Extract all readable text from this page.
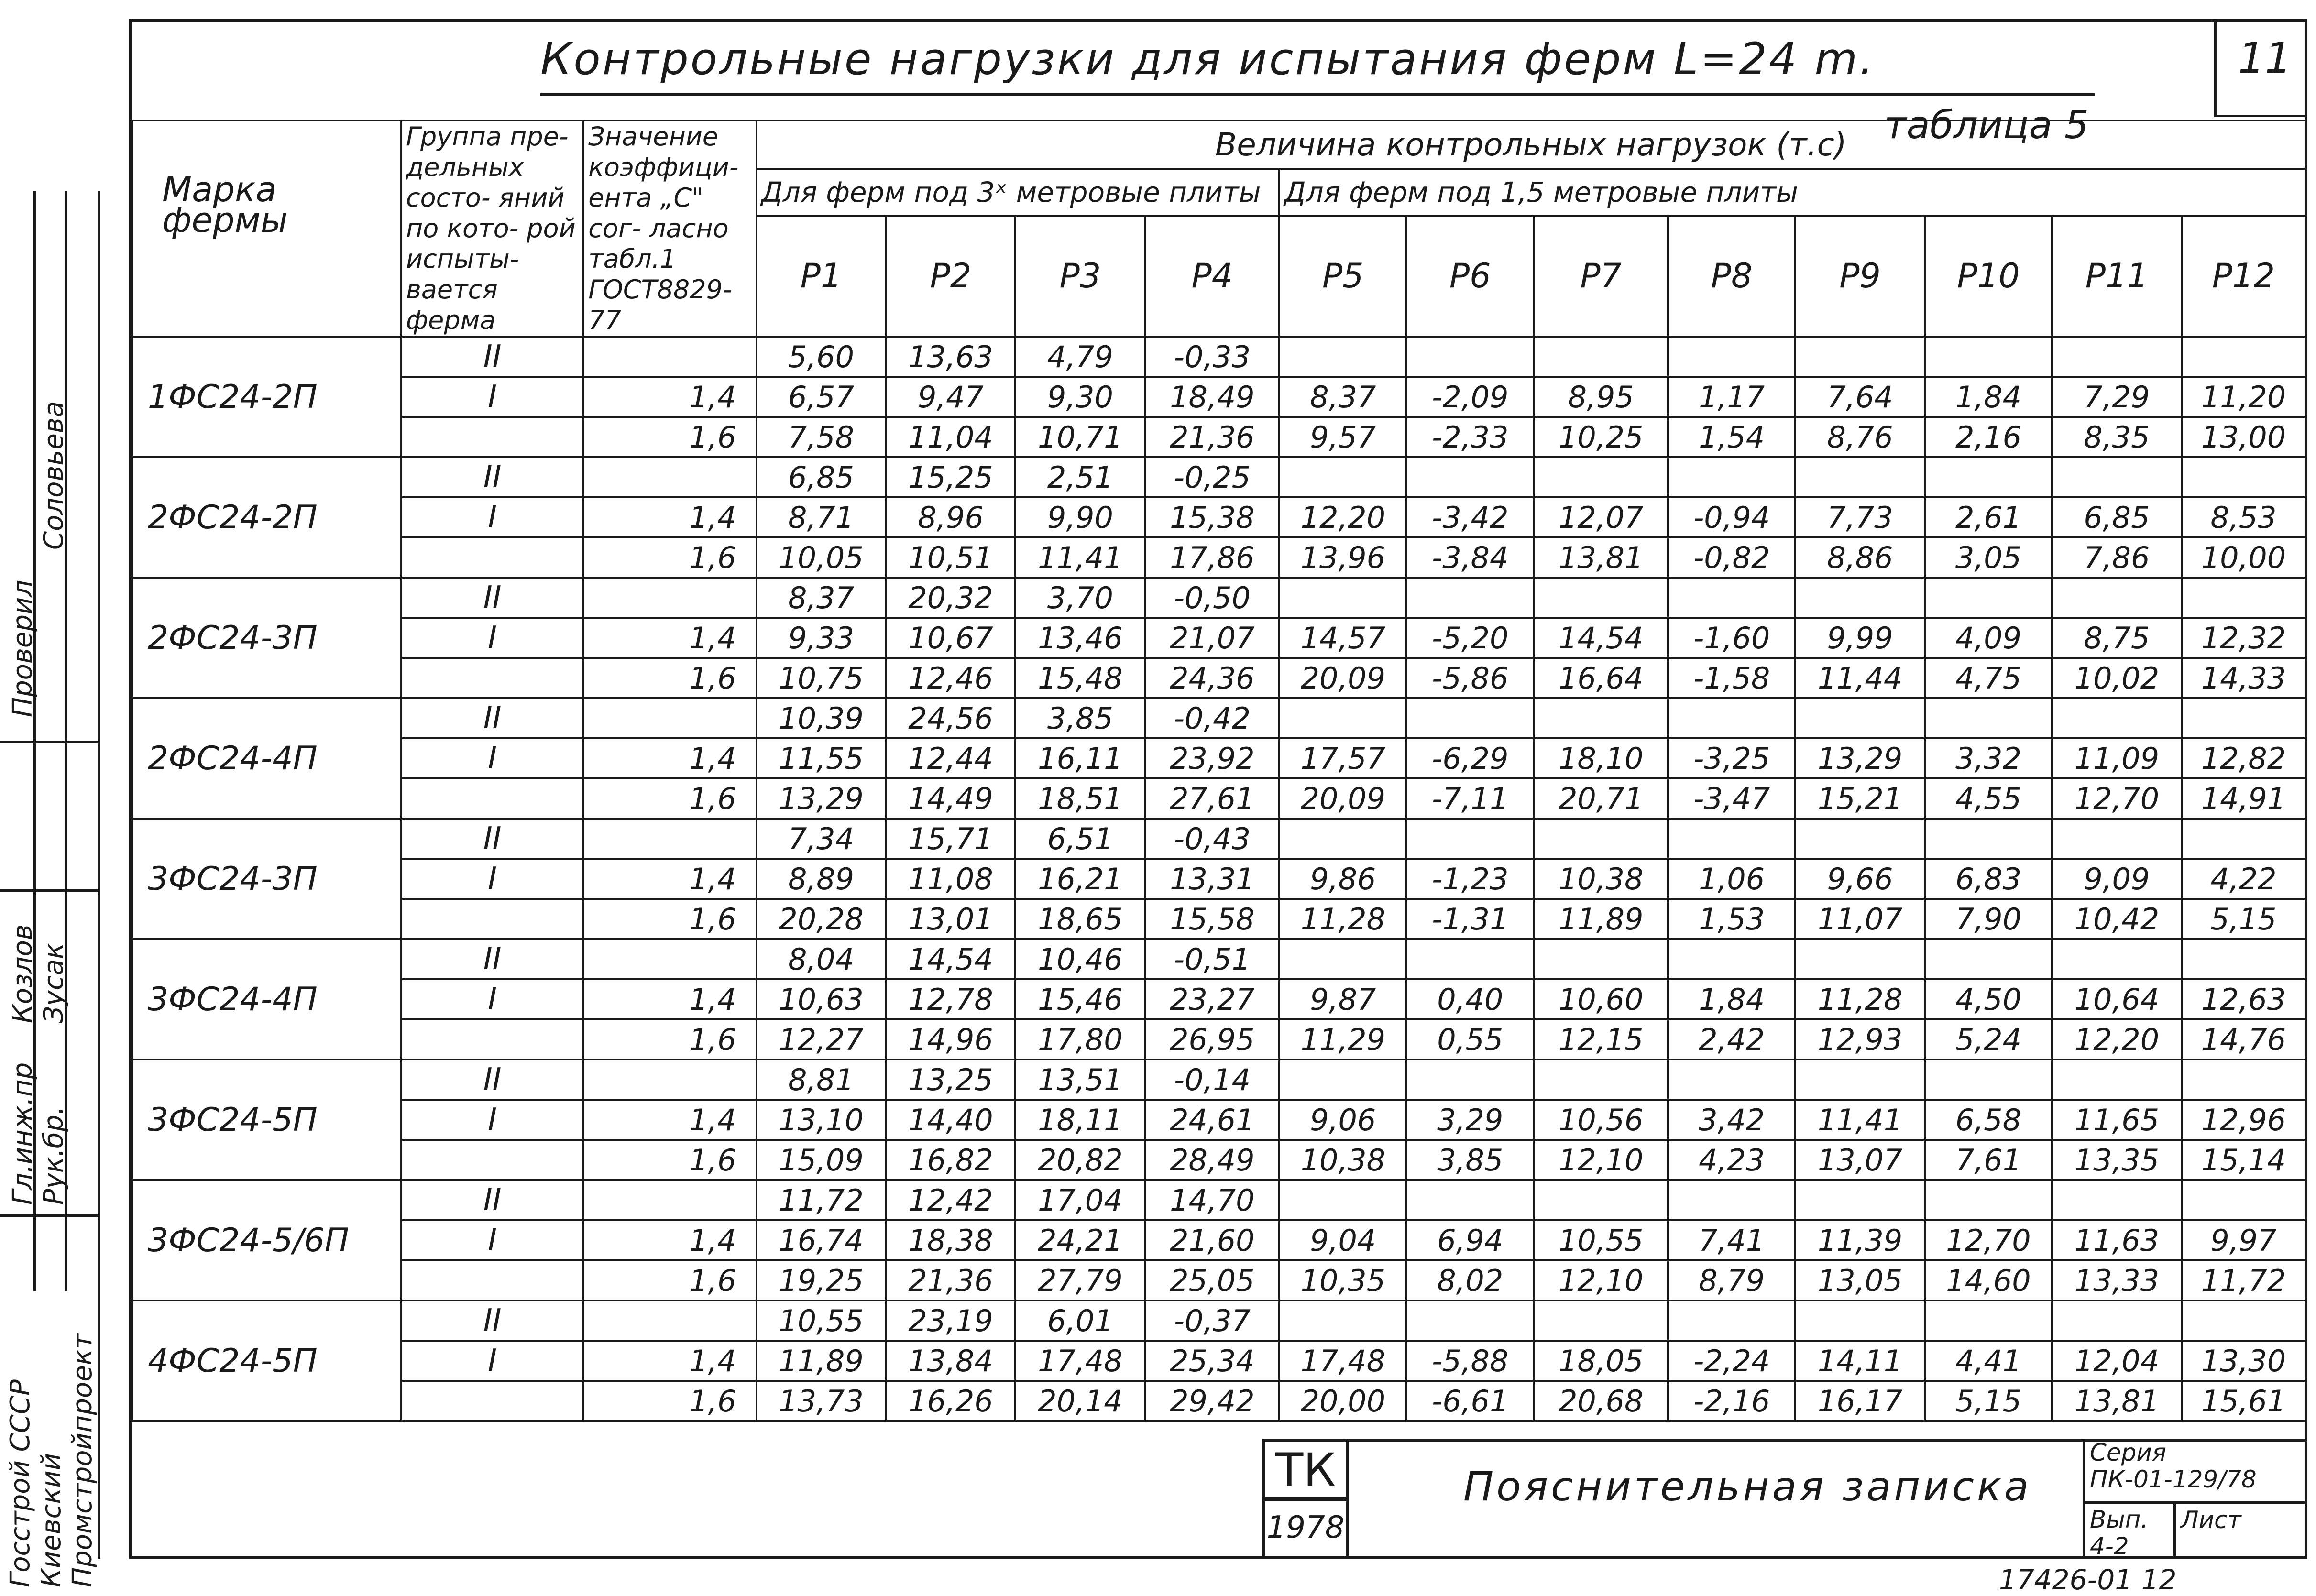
Контрольные нагрузки для испытания ферм L=24 m.
таблица 5
11
Госстрой СССР Киевский Промстройпроект
Проверил
Гл.инж.пр Рук.бр.
Соловьева
Козлов Зусак
Марка фермы	Группа пре- дельных состо- яний по кото- рой испыты- вается ферма	Значение коэффици- ента „С" сог- ласно табл.1 ГОСТ8829-77	Величина контрольных нагрузок (т.с)											
			Для ферм под 3ˣ метровые плиты				Для ферм под 1,5 метровые плиты							
			P1	P2	P3	P4	P5	P6	P7	P8	P9	P10	P11	P12
1ФС24-2П	II		5,60	13,63	4,79	-0,33								
	I	1,4	6,57	9,47	9,30	18,49	8,37	-2,09	8,95	1,17	7,64	1,84	7,29	11,20
		1,6	7,58	11,04	10,71	21,36	9,57	-2,33	10,25	1,54	8,76	2,16	8,35	13,00
2ФС24-2П	II		6,85	15,25	2,51	-0,25								
	I	1,4	8,71	8,96	9,90	15,38	12,20	-3,42	12,07	-0,94	7,73	2,61	6,85	8,53
		1,6	10,05	10,51	11,41	17,86	13,96	-3,84	13,81	-0,82	8,86	3,05	7,86	10,00
2ФС24-3П	II		8,37	20,32	3,70	-0,50								
	I	1,4	9,33	10,67	13,46	21,07	14,57	-5,20	14,54	-1,60	9,99	4,09	8,75	12,32
		1,6	10,75	12,46	15,48	24,36	20,09	-5,86	16,64	-1,58	11,44	4,75	10,02	14,33
2ФС24-4П	II		10,39	24,56	3,85	-0,42								
	I	1,4	11,55	12,44	16,11	23,92	17,57	-6,29	18,10	-3,25	13,29	3,32	11,09	12,82
		1,6	13,29	14,49	18,51	27,61	20,09	-7,11	20,71	-3,47	15,21	4,55	12,70	14,91
3ФС24-3П	II		7,34	15,71	6,51	-0,43								
	I	1,4	8,89	11,08	16,21	13,31	9,86	-1,23	10,38	1,06	9,66	6,83	9,09	4,22
		1,6	20,28	13,01	18,65	15,58	11,28	-1,31	11,89	1,53	11,07	7,90	10,42	5,15
3ФС24-4П	II		8,04	14,54	10,46	-0,51								
	I	1,4	10,63	12,78	15,46	23,27	9,87	0,40	10,60	1,84	11,28	4,50	10,64	12,63
		1,6	12,27	14,96	17,80	26,95	11,29	0,55	12,15	2,42	12,93	5,24	12,20	14,76
3ФС24-5П	II		8,81	13,25	13,51	-0,14								
	I	1,4	13,10	14,40	18,11	24,61	9,06	3,29	10,56	3,42	11,41	6,58	11,65	12,96
		1,6	15,09	16,82	20,82	28,49	10,38	3,85	12,10	4,23	13,07	7,61	13,35	15,14
3ФС24-5/6П	II		11,72	12,42	17,04	14,70								
	I	1,4	16,74	18,38	24,21	21,60	9,04	6,94	10,55	7,41	11,39	12,70	11,63	9,97
		1,6	19,25	21,36	27,79	25,05	10,35	8,02	12,10	8,79	13,05	14,60	13,33	11,72
4ФС24-5П	II		10,55	23,19	6,01	-0,37								
	I	1,4	11,89	13,84	17,48	25,34	17,48	-5,88	18,05	-2,24	14,11	4,41	12,04	13,30
		1,6	13,73	16,26	20,14	29,42	20,00	-6,61	20,68	-2,16	16,17	5,15	13,81	15,61
ТК
1978
Пояснительная записка
Серия
ПК-01-129/78
Вып.
4-2
Лист
17426-01 12
